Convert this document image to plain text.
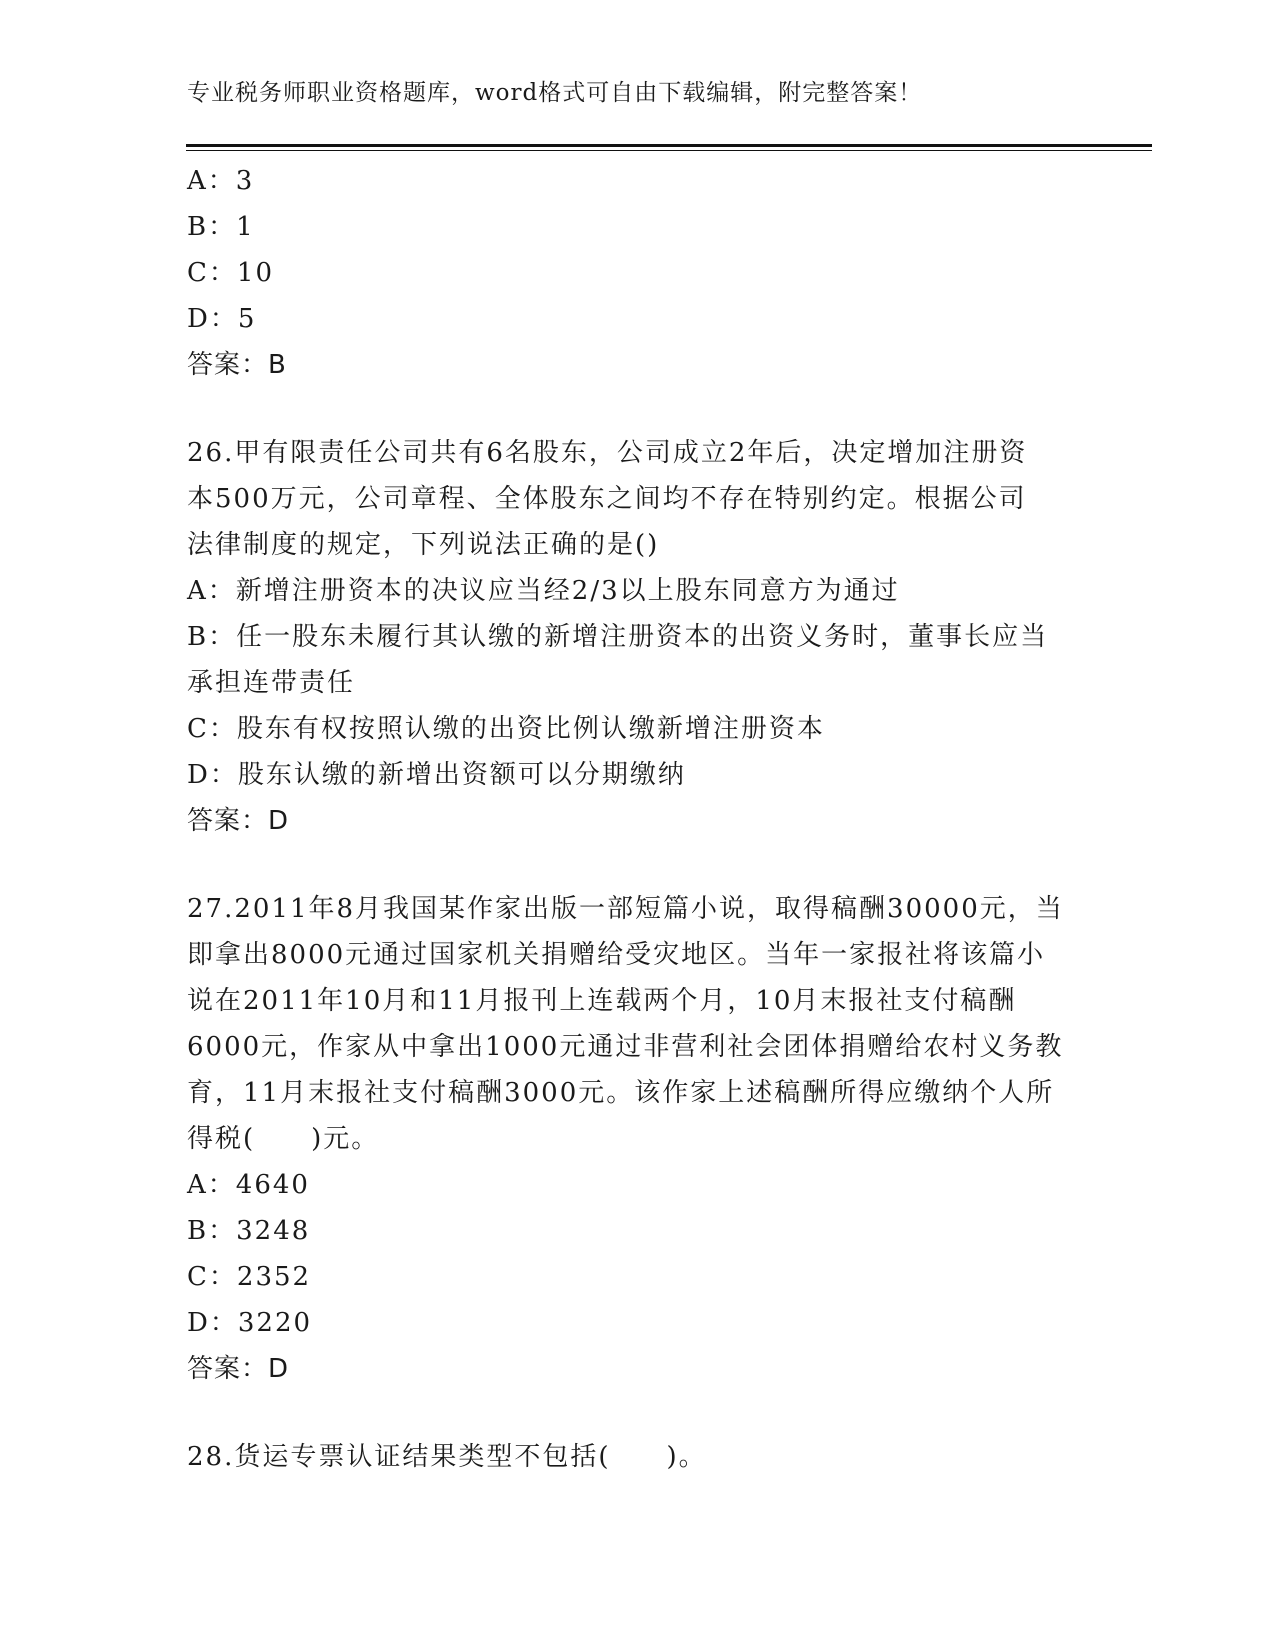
专业税务师职业资格题库，word格式可自由下载编辑，附完整答案！
A：3
B：1
C：10
D：5
答案：B
26.甲有限责任公司共有6名股东，公司成立2年后，决定增加注册资
本500万元，公司章程、全体股东之间均不存在特别约定。根据公司
法律制度的规定，下列说法正确的是()
A：新增注册资本的决议应当经2/3以上股东同意方为通过
B：任一股东未履行其认缴的新增注册资本的出资义务时，董事长应当
承担连带责任
C：股东有权按照认缴的出资比例认缴新增注册资本
D：股东认缴的新增出资额可以分期缴纳
答案：D
27.2011年8月我国某作家出版一部短篇小说，取得稿酬30000元，当
即拿出8000元通过国家机关捐赠给受灾地区。当年一家报社将该篇小
说在2011年10月和11月报刊上连载两个月，10月末报社支付稿酬
6000元，作家从中拿出1000元通过非营利社会团体捐赠给农村义务教
育，11月末报社支付稿酬3000元。该作家上述稿酬所得应缴纳个人所
得税(　　)元。
A：4640
B：3248
C：2352
D：3220
答案：D
28.货运专票认证结果类型不包括(　　)。
